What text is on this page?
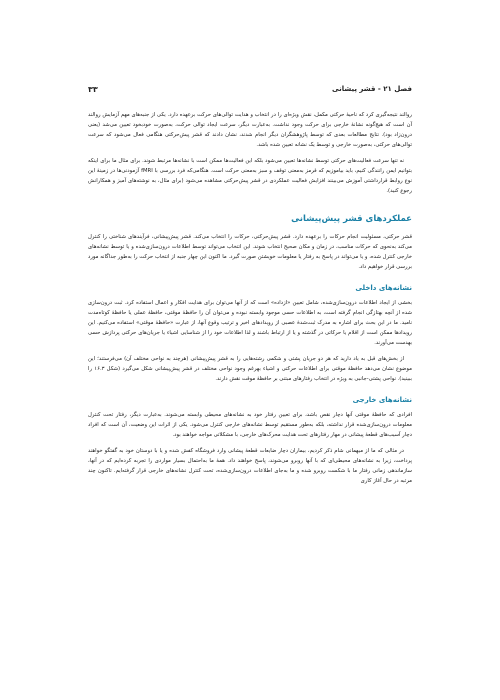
فصل ۲۱ - قشر پیشانی
۳۳

روالند نتیجه‌گیری کرد که ناحیهٔ حرکتی مکمل، نقش ویژه‌ای را در انتخاب و هدایت توالی‌های حرکت برعهده دارد. یکی از جنبه‌های مهم آزمایش روالند آن است که هیچ‌گونه نشانهٔ خارجی برای حرکت وجود نداشت. به‌عبارت دیگر، سرعت ایجاد توالی حرکت، به‌صورت خودبخود تعیین می‌شد (یعنی درون‌زاد بود). نتایج مطالعات بعدی که توسط پاژوهشگران دیگر انجام شدند، نشان دادند که قشر پیش‌حرکتی هنگامی فعال می‌شود که سرعت توالی‌های حرکتی، به‌صورت خارجی و توسط یک نشانه تعیین شده باشد.

نه تنها سرعت فعالیت‌های حرکتی توسط نشانه‌ها تعیین می‌شود بلکه این فعالیت‌ها ممکن است با نشانه‌ها مرتبط شوند. برای مثال ما برای اینکه بتوانیم ایمن رانندگی کنیم، باید بیاموزیم که قرمز به‌معنی توقف و سبز به‌معنی حرکت است. هنگامی‌که فرد بررسی با fMRI آزمودنی‌ها در زمینهٔ این نوع روابط قرارداشتی آموزش می‌بینند افزایش فعالیت عملکردی در قشر پیش‌حرکتی مشاهده می‌شود (برای مثال، به نوشته‌های آمیز و همکارانش رجوع کنید).

عملکردهای قشر پیش‌پیشانی

قشر حرکتی، مسئولیت انجام حرکات را برعهده دارد. قشر پیش‌حرکتی، حرکات را انتخاب می‌کند. قشر پیش‌پیشانی، فرآیندهای شناختی را کنترل می‌کند به‌نحوی که حرکات مناسب، در زمان و مکان صحیح انتخاب شوند. این انتخاب می‌تواند توسط اطلاعات درون‌سازی‌شده و یا توسط نشانه‌های خارجی کنترل شده، و یا می‌تواند در پاسخ به رفتار یا معلومات خویشتن صورت گیرد. ما اکنون این چهار جنبه از انتخاب حرکت را به‌طور جداگانه مورد بررسی قرار خواهیم داد.

نشانه‌های داخلی

بخشی از ایجاد اطلاعات درون‌سازی‌شده، شامل تعیین «ازداده» است که از آنها می‌توان برای هدایت افکار و اعمال استفاده کرد. ثبت درون‌سازی شده از آنچه بهتازگی انجام گرفته است، به اطلاعات حسی موجود وابسته نبوده و می‌توان آن را حافظهٔ موقتی، حافظهٔ عملی یا حافظهٔ کوتاه‌مدت نامید. ما در این بحث برای اشاره به مدرک ثبت‌شدهٔ عصبی از رویدادهای اخیر و ترتیب وقوع آنها، از عبارت «حافظهٔ موقتی» استفاده می‌کنیم. این رویدادها ممکن است از اقلام یا حرکاتی در گذشته و یا از ارتباط باشند و لذا اطلاعات خود را از شناسایی اشیاء یا جریان‌های حرکتی پردازش حسی بهدست می‌آورند.

از بخش‌های قبل به یاد دارید که هر دو جریان پشتی و شکمی رشته‌هایی را به قشر پیش‌پیشانی (هرچند به نواحی مختلف آن) می‌فرستند؛ این موضوع نشان می‌دهد حافظهٔ موقتی برای اطلاعات حرکتی و اشیاء بهرغم وجود نواحی مختلف در قشر پیش‌پیشانی شکل می‌گیرد (شکل ۱۶.۳ را ببینید). نواحی پشتی-جانبی به ویژه در انتخاب رفتارهای مبتنی بر حافظهٔ موقت نقش دارند.

نشانه‌های خارجی

افرادی که حافظهٔ موقتی آنها دچار نقص باشد، برای تعیین رفتار خود به نشانه‌های محیطی وابسته می‌شوند. به‌عبارت دیگر، رفتار تحت کنترل معلومات درون‌سازی‌شده قرار نداشته، بلکه به‌طور مستقیم توسط نشانه‌های خارجی کنترل می‌شود. یکی از اثرات این وضعیت، آن است که افراد دچار آسیب‌های قطعهٔ پیشانی در مهار رفتارهای تحت هدایت محرک‌های خارجی، با مشکلاتی مواجه خواهند بود.

در مثالی که ما از میهمانی شام ذکر کردیم، بیماران دچار ضایعات قطعهٔ پیشانی وارد فروشگاه کفش شده و یا با دوستان خود به گفتگو خواهند پرداخت، زیرا به نشانه‌های محیطی‌ای که با آنها روبرو می‌شوند، پاسخ خواهند داد. همهٔ ما به‌احتمال بسیار مواردی را تجربه کرده‌ایم که در آنها، سازماندهی زمانی رفتار ما با شکست روبرو شده و ما به‌جای اطلاعات درون‌سازی‌شده، تحت کنترل نشانه‌های خارجی قرار گرفته‌ایم. تاکنون چند مرتبه در حال آغاز کاری
